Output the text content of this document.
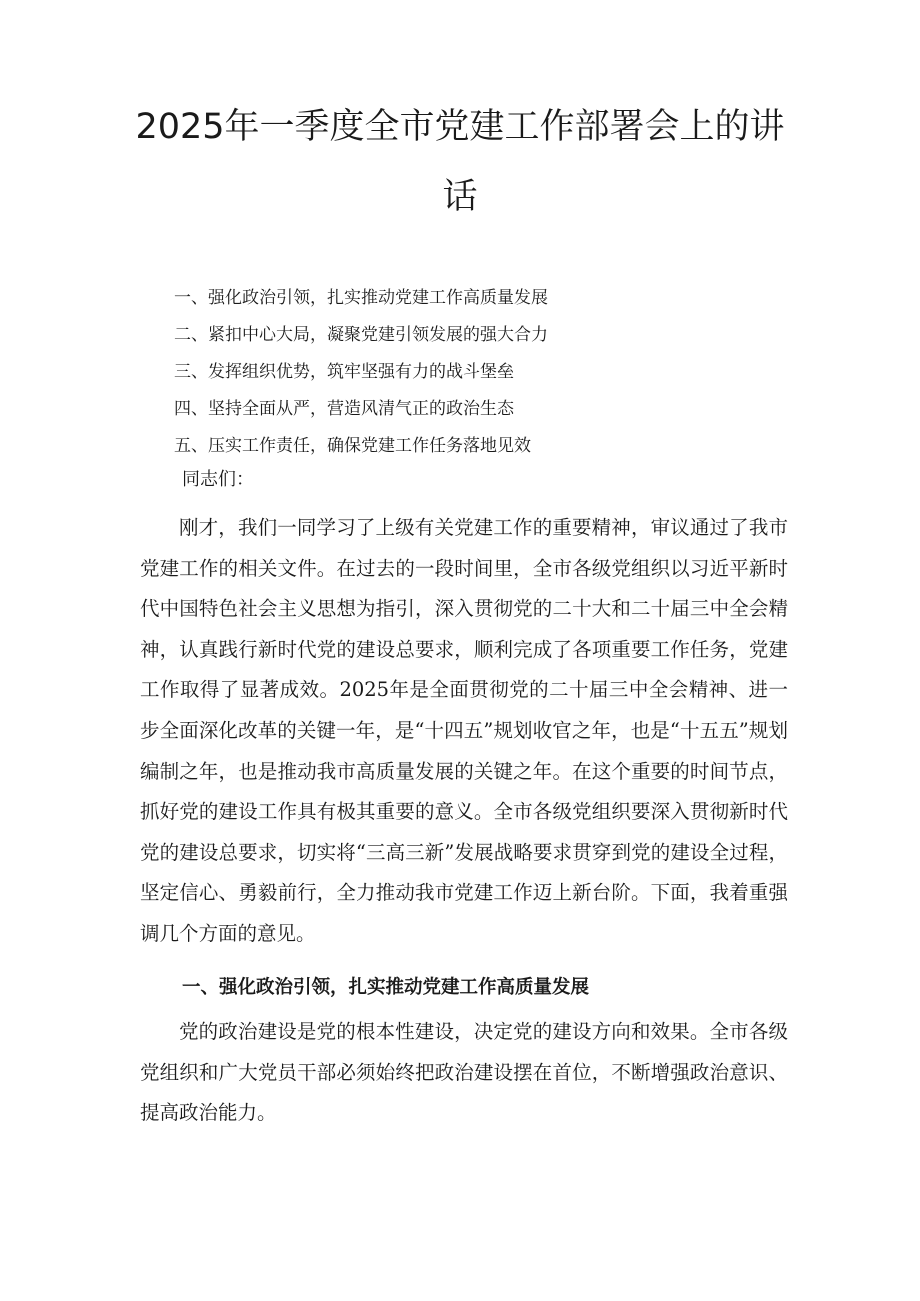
2025年一季度全市党建工作部署会上的讲话
一、强化政治引领，扎实推动党建工作高质量发展
二、紧扣中心大局，凝聚党建引领发展的强大合力
三、发挥组织优势，筑牢坚强有力的战斗堡垒
四、坚持全面从严，营造风清气正的政治生态
五、压实工作责任，确保党建工作任务落地见效

同志们：

刚才，我们一同学习了上级有关党建工作的重要精神，审议通过了我市党建工作的相关文件。在过去的一段时间里，全市各级党组织以习近平新时代中国特色社会主义思想为指引，深入贯彻党的二十大和二十届三中全会精神，认真践行新时代党的建设总要求，顺利完成了各项重要工作任务，党建工作取得了显著成效。2025年是全面贯彻党的二十届三中全会精神、进一步全面深化改革的关键一年，是“十四五”规划收官之年，也是“十五五”规划编制之年，也是推动我市高质量发展的关键之年。在这个重要的时间节点，抓好党的建设工作具有极其重要的意义。全市各级党组织要深入贯彻新时代党的建设总要求，切实将“三高三新”发展战略要求贯穿到党的建设全过程，坚定信心、勇毅前行，全力推动我市党建工作迈上新台阶。下面，我着重强调几个方面的意见。

一、强化政治引领，扎实推动党建工作高质量发展

党的政治建设是党的根本性建设，决定党的建设方向和效果。全市各级党组织和广大党员干部必须始终把政治建设摆在首位，不断增强政治意识、提高政治能力。
